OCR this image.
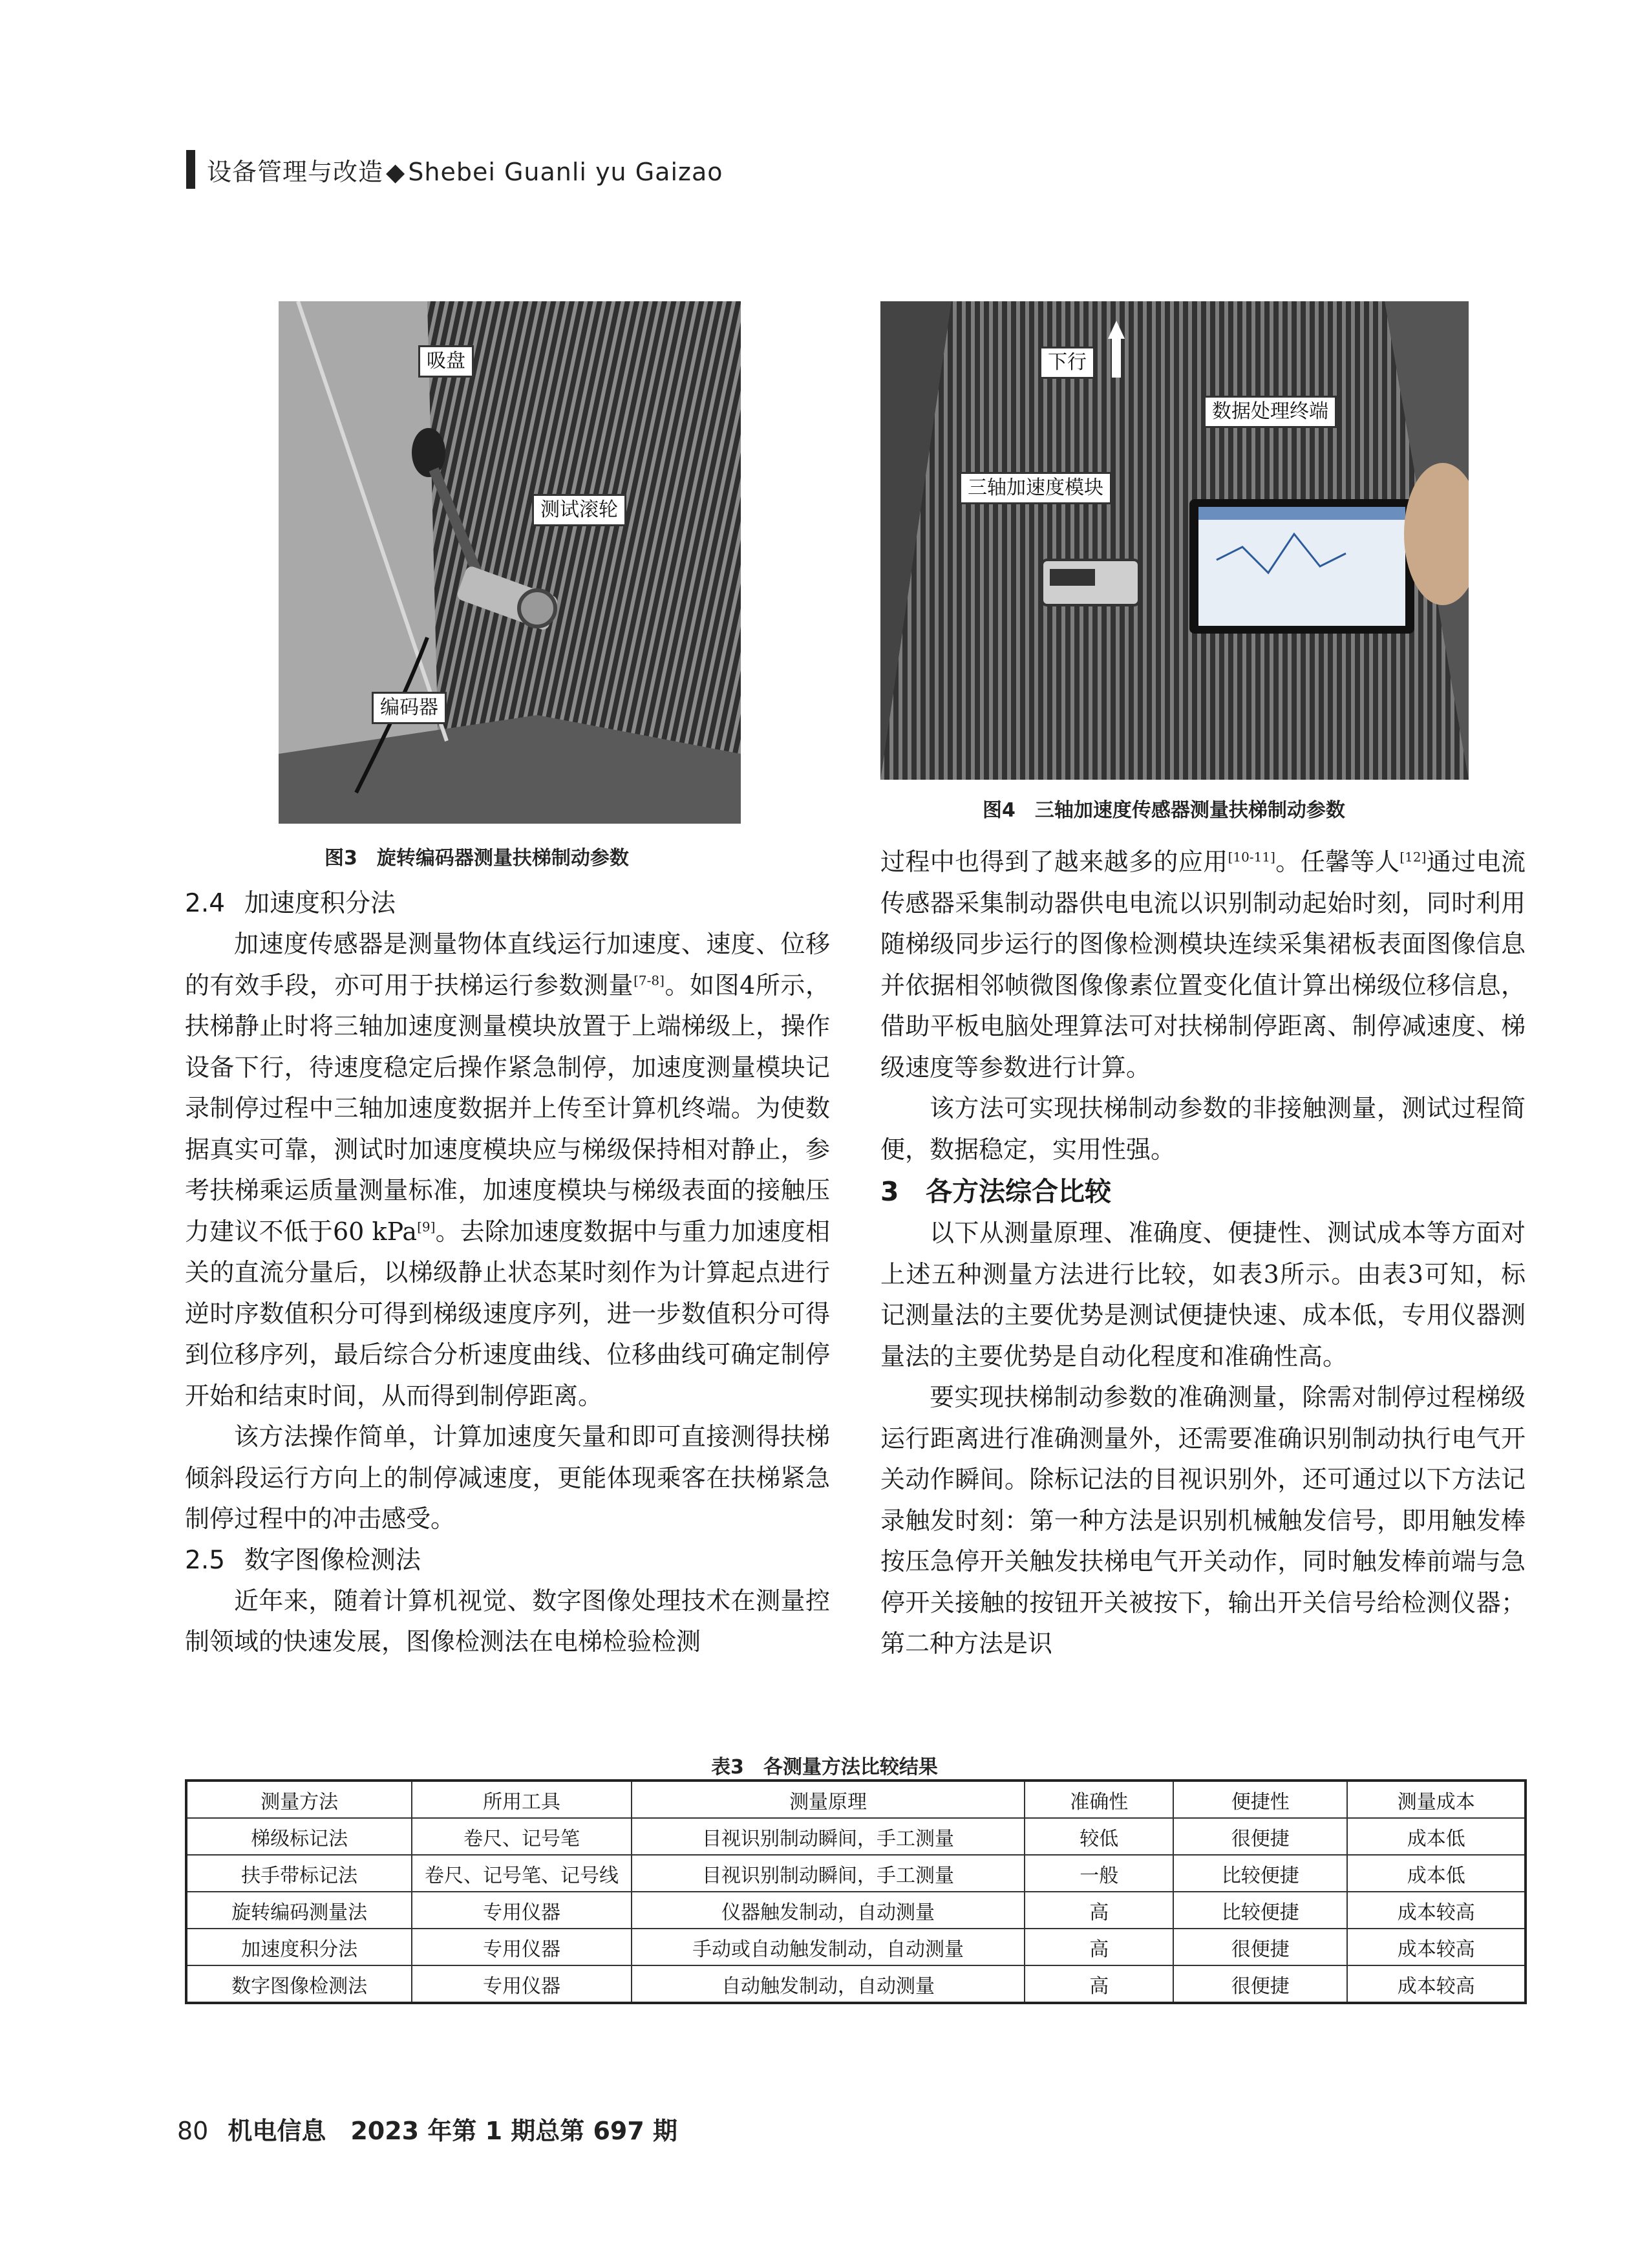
设备管理与改造 ◆ Shebei Guanli yu Gaizao
吸盘
测试滚轮
编码器
图3　旋转编码器测量扶梯制动参数
下行
数据处理终端
三轴加速度模块
图4　三轴加速度传感器测量扶梯制动参数
2.4 加速度积分法

加速度传感器是测量物体直线运行加速度、速度、位移的有效手段，亦可用于扶梯运行参数测量[7-8]。如图4所示，扶梯静止时将三轴加速度测量模块放置于上端梯级上，操作设备下行，待速度稳定后操作紧急制停，加速度测量模块记录制停过程中三轴加速度数据并上传至计算机终端。为使数据真实可靠，测试时加速度模块应与梯级保持相对静止，参考扶梯乘运质量测量标准，加速度模块与梯级表面的接触压力建议不低于60 kPa[9]。去除加速度数据中与重力加速度相关的直流分量后，以梯级静止状态某时刻作为计算起点进行逆时序数值积分可得到梯级速度序列，进一步数值积分可得到位移序列，最后综合分析速度曲线、位移曲线可确定制停开始和结束时间，从而得到制停距离。

该方法操作简单，计算加速度矢量和即可直接测得扶梯倾斜段运行方向上的制停减速度，更能体现乘客在扶梯紧急制停过程中的冲击感受。

2.5 数字图像检测法

近年来，随着计算机视觉、数字图像处理技术在测量控制领域的快速发展，图像检测法在电梯检验检测

过程中也得到了越来越多的应用[10-11]。任馨等人[12]通过电流传感器采集制动器供电电流以识别制动起始时刻，同时利用随梯级同步运行的图像检测模块连续采集裙板表面图像信息并依据相邻帧微图像像素位置变化值计算出梯级位移信息，借助平板电脑处理算法可对扶梯制停距离、制停减速度、梯级速度等参数进行计算。

该方法可实现扶梯制动参数的非接触测量，测试过程简便，数据稳定，实用性强。

3 各方法综合比较

以下从测量原理、准确度、便捷性、测试成本等方面对上述五种测量方法进行比较，如表3所示。由表3可知，标记测量法的主要优势是测试便捷快速、成本低，专用仪器测量法的主要优势是自动化程度和准确性高。

要实现扶梯制动参数的准确测量，除需对制停过程梯级运行距离进行准确测量外，还需要准确识别制动执行电气开关动作瞬间。除标记法的目视识别外，还可通过以下方法记录触发时刻：第一种方法是识别机械触发信号，即用触发棒按压急停开关触发扶梯电气开关动作，同时触发棒前端与急停开关接触的按钮开关被按下，输出开关信号给检测仪器；第二种方法是识

表3　各测量方法比较结果
测量方法	所用工具	测量原理	准确性	便捷性	测量成本
梯级标记法	卷尺、记号笔	目视识别制动瞬间，手工测量	较低	很便捷	成本低
扶手带标记法	卷尺、记号笔、记号线	目视识别制动瞬间，手工测量	一般	比较便捷	成本低
旋转编码测量法	专用仪器	仪器触发制动，自动测量	高	比较便捷	成本较高
加速度积分法	专用仪器	手动或自动触发制动，自动测量	高	很便捷	成本较高
数字图像检测法	专用仪器	自动触发制动，自动测量	高	很便捷	成本较高
80 机电信息　2023 年第 1 期总第 697 期
